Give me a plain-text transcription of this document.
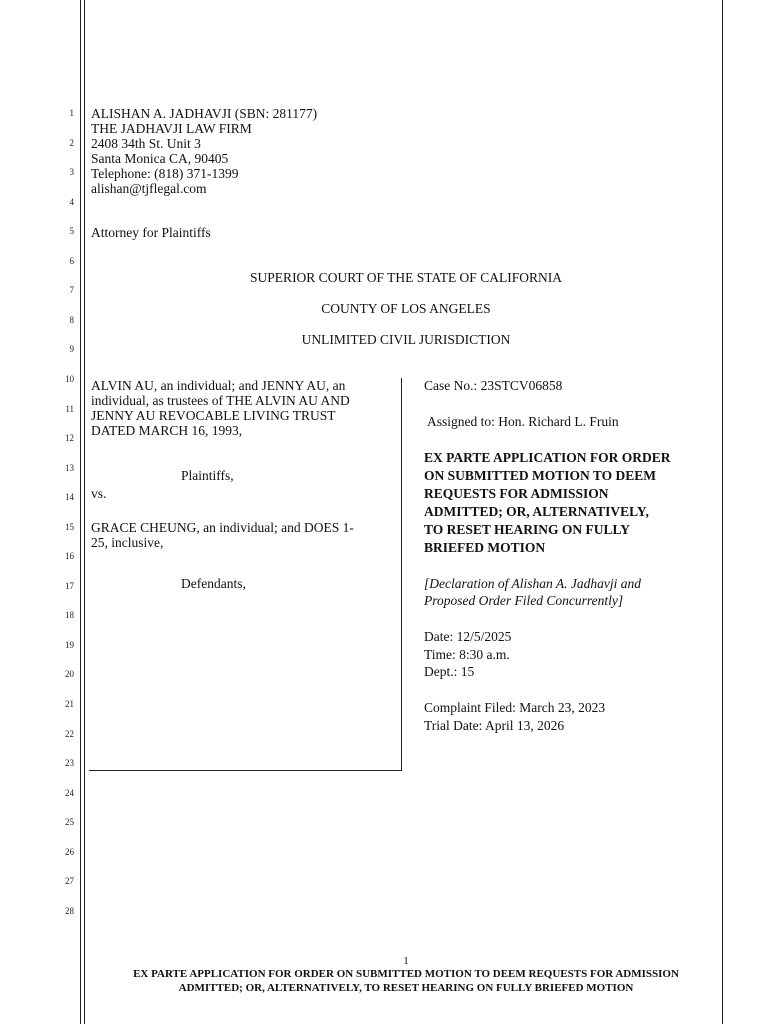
1
2
3
4
5
6
7
8
9
10
11
12
13
14
15
16
17
18
19
20
21
22
23
24
25
26
27
28
ALISHAN A. JADHAVJI (SBN: 281177)
THE JADHAVJI LAW FIRM
2408 34th St. Unit 3
Santa Monica CA, 90405
Telephone: (818) 371-1399
alishan@tjflegal.com
Attorney for Plaintiffs
SUPERIOR COURT OF THE STATE OF CALIFORNIA
COUNTY OF LOS ANGELES
UNLIMITED CIVIL JURISDICTION
ALVIN AU, an individual; and JENNY AU, an
individual, as trustees of THE ALVIN AU AND
JENNY AU REVOCABLE LIVING TRUST
DATED MARCH 16, 1993,
Plaintiffs,
vs.
GRACE CHEUNG, an individual; and DOES 1-
25, inclusive,
Defendants,
Case No.: 23STCV06858
Assigned to: Hon. Richard L. Fruin
EX PARTE APPLICATION FOR ORDER
ON SUBMITTED MOTION TO DEEM
REQUESTS FOR ADMISSION
ADMITTED; OR, ALTERNATIVELY,
TO RESET HEARING ON FULLY
BRIEFED MOTION
[Declaration of Alishan A. Jadhavji and
Proposed Order Filed Concurrently]
Date: 12/5/2025
Time: 8:30 a.m.
Dept.: 15
Complaint Filed: March 23, 2023
Trial Date: April 13, 2026
1
EX PARTE APPLICATION FOR ORDER ON SUBMITTED MOTION TO DEEM REQUESTS FOR ADMISSION
ADMITTED; OR, ALTERNATIVELY, TO RESET HEARING ON FULLY BRIEFED MOTION
